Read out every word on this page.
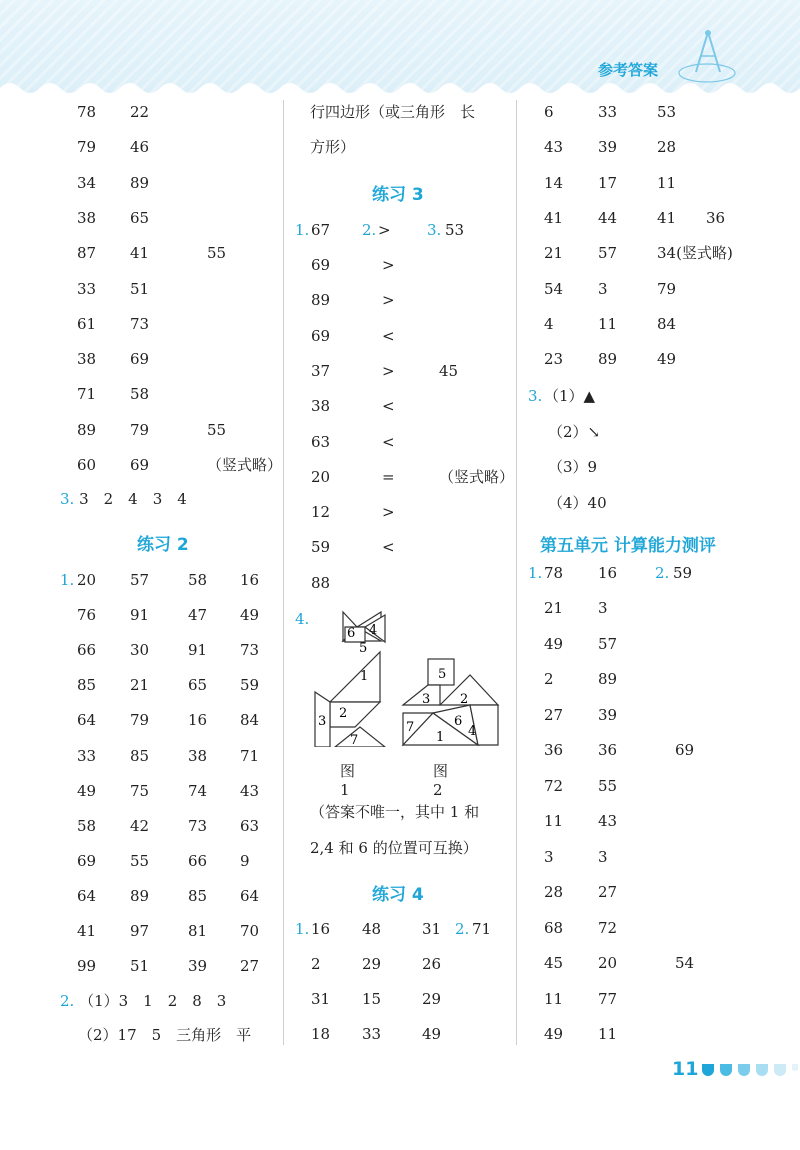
参考答案
78 22
79 46
34 89
38 65
87 41	55
33 51
61 73
38 69
71 58
89 79	55
60 69	（竖式略）
3. 3　2　4　3　4
练习 2
1. 20 57	58 16
76 91	47 49
66 30	91 73
85 21	65 59
64 79	16 84
33 85	38 71
49 75	74 43
58 42	73 63
69 55	66 9
64 89	85 64
41 97	81 70
99 51	39 27
2. （1）3　1　2　8　3
（2）17　5　三角形　平
行四边形（或三角形　长
方形）
练习 3
1. 67 2. > 3. 53
69	>
89	>
69	<
37	>	45
38	<
63	<
20	=	（竖式略）
12	>
59	<
88
4.
6 4
5
1
2
3
7
5
3 2
7
1
6
4
图1
图2
（答案不唯一，其中 1 和
2,4 和 6 的位置可互换）
练习 4
1. 16 48	31 2. 71
2	29	26
31 15	29
18 33	49
6	33	53
43 39	28
14 17	11
41 44	41 36
21 57	34(竖式略)
54 3	79
4	11	84
23 89	49
3. （1）▲
（2）↘
（3）9
（4）40
第五单元 计算能力测评
1. 78 16	2. 59
21 3
49 57
2	89
27 39
36 36	69
72 55
11 43
3	3
28 27
68 72
45 20	54
11 77
49 11
11
